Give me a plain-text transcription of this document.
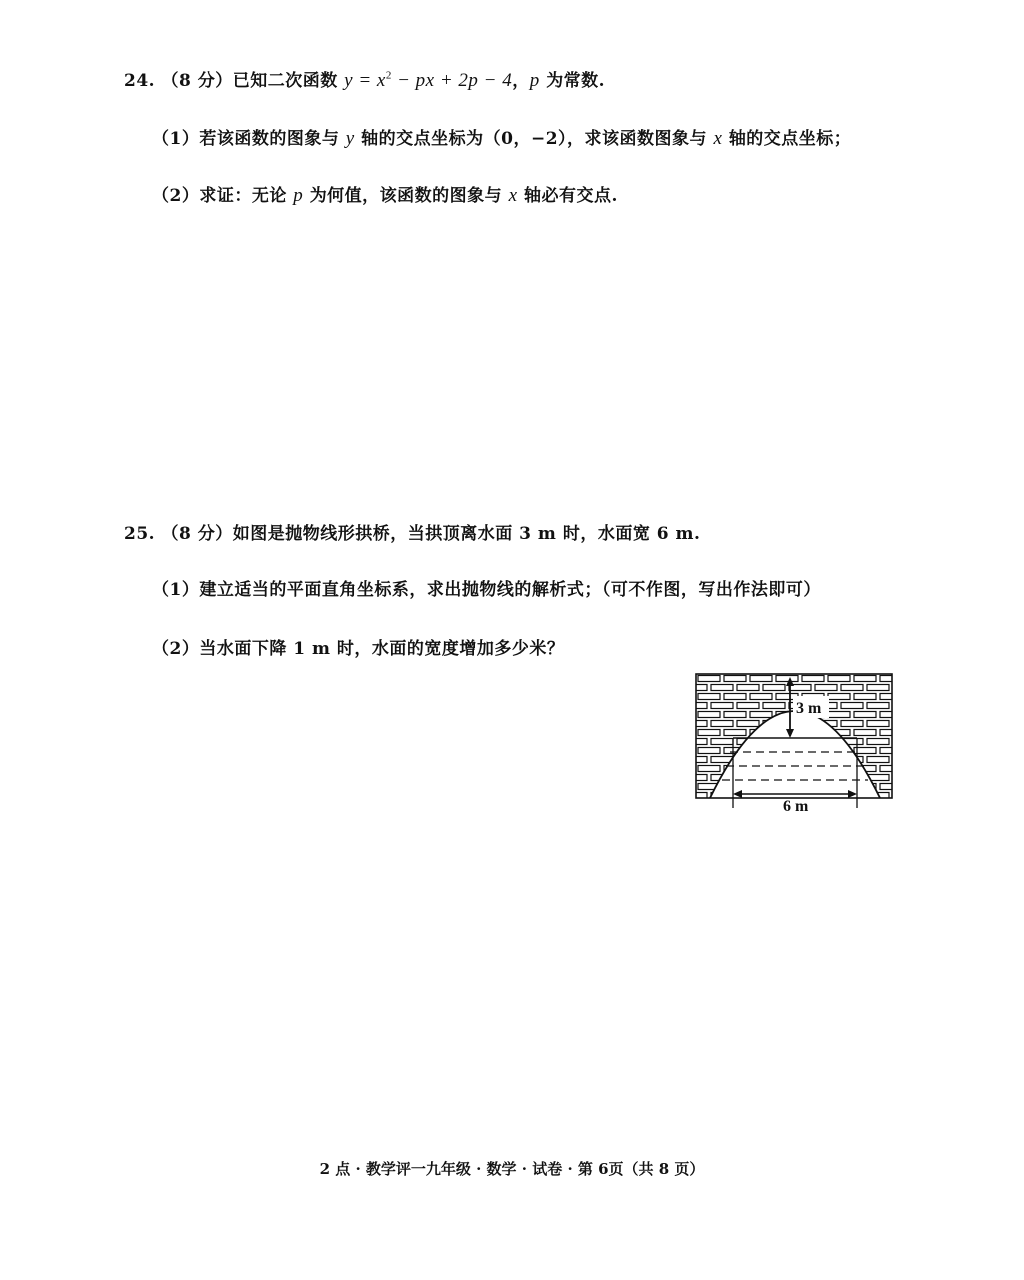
24. （8 分）已知二次函数 $y = x^2$ − px + 2p − 4，p 为常数.
（1）若该函数的图象与 y 轴的交点坐标为（0，−2），求该函数图象与 x 轴的交点坐标；
（2）求证：无论 p 为何值，该函数的图象与 x 轴必有交点.
25. （8 分）如图是抛物线形拱桥，当拱顶离水面 3 m 时，水面宽 6 m.
（1）建立适当的平面直角坐标系，求出抛物线的解析式；（可不作图，写出作法即可）
（2）当水面下降 1 m 时，水面的宽度增加多少米？
3 m
6 m
2 点 · 教学评一九年级 · 数学 · 试卷 · 第 6页（共 8 页）
